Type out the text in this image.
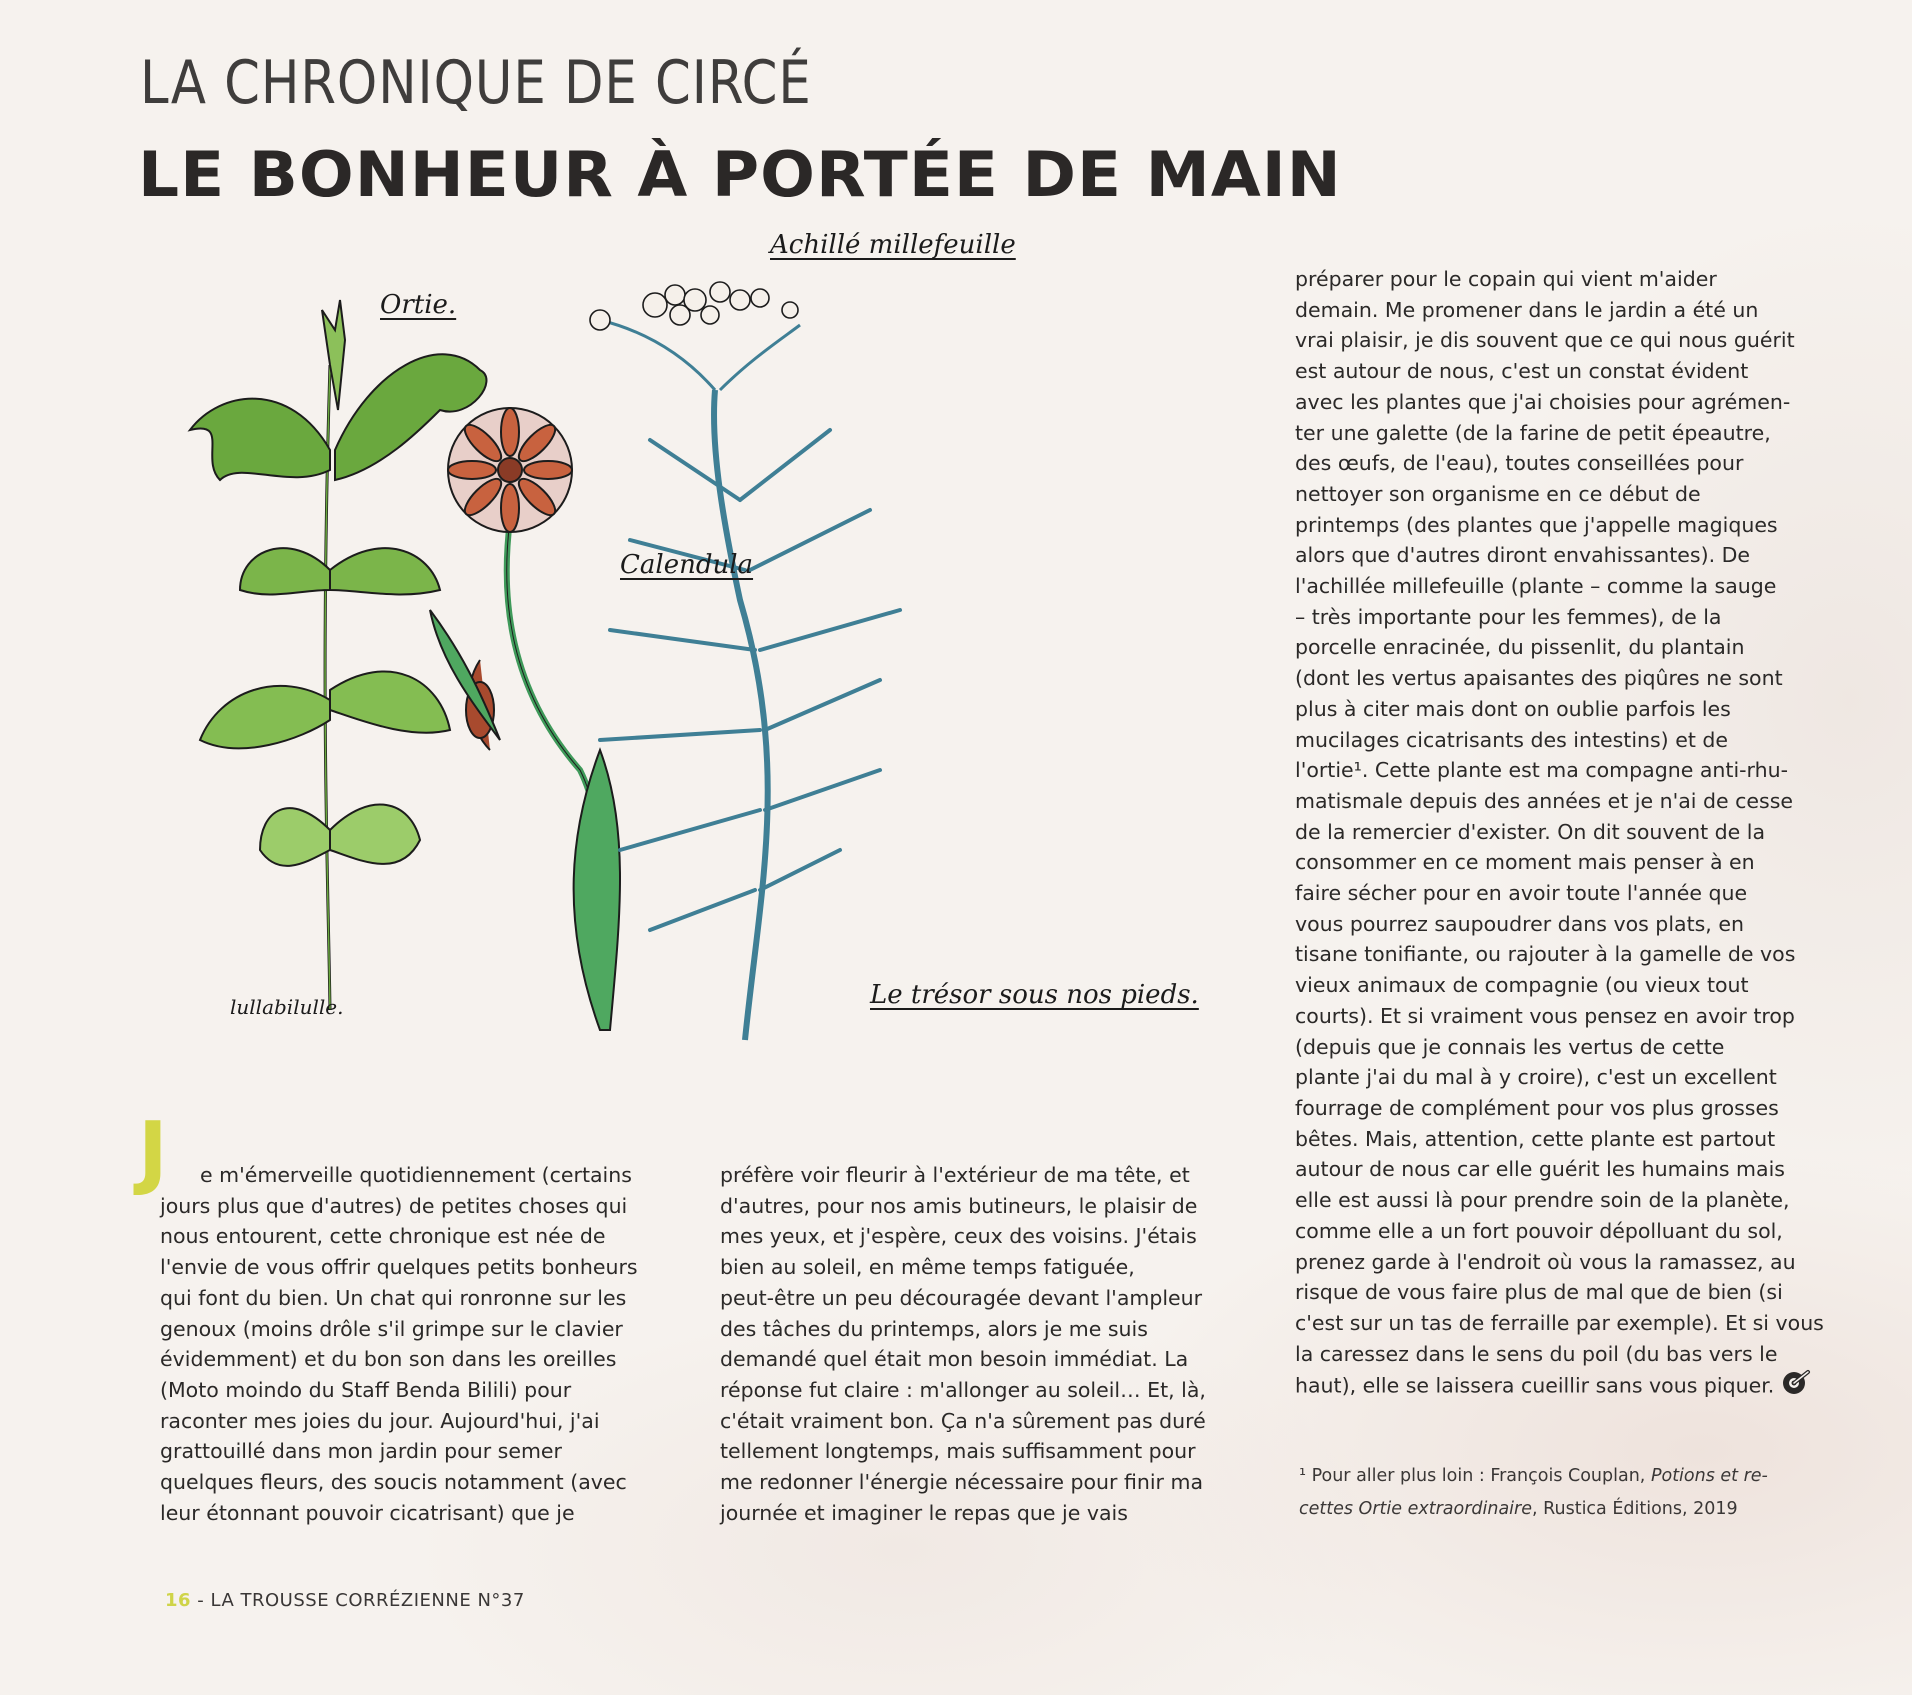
LA CHRONIQUE DE CIRCÉ
LE BONHEUR À PORTÉE DE MAIN
Ortie.
Calendula
Achillé millefeuille
Le trésor sous nos pieds.
lullabilulle.
J	e m'émerveille quotidiennement (certains

jours plus que d'autres) de petites choses qui

nous entourent, cette chronique est née de

l'envie de vous offrir quelques petits bonheurs

qui font du bien. Un chat qui ronronne sur les

genoux (moins drôle s'il grimpe sur le clavier

évidemment) et du bon son dans les oreilles

(Moto moindo du Staff Benda Bilili) pour

raconter mes joies du jour. Aujourd'hui, j'ai

grattouillé dans mon jardin pour semer

quelques fleurs, des soucis notamment (avec

leur étonnant pouvoir cicatrisant) que je

préfère voir fleurir à l'extérieur de ma tête, et

d'autres, pour nos amis butineurs, le plaisir de

mes yeux, et j'espère, ceux des voisins. J'étais

bien au soleil, en même temps fatiguée,

peut-être un peu découragée devant l'ampleur

des tâches du printemps, alors je me suis

demandé quel était mon besoin immédiat. La

réponse fut claire : m'allonger au soleil… Et, là,

c'était vraiment bon. Ça n'a sûrement pas duré

tellement longtemps, mais suffisamment pour

me redonner l'énergie nécessaire pour finir ma

journée et imaginer le repas que je vais

préparer pour le copain qui vient m'aider

demain. Me promener dans le jardin a été un

vrai plaisir, je dis souvent que ce qui nous guérit

est autour de nous, c'est un constat évident

avec les plantes que j'ai choisies pour agrémen-

ter une galette (de la farine de petit épeautre,

des œufs, de l'eau), toutes conseillées pour

nettoyer son organisme en ce début de

printemps (des plantes que j'appelle magiques

alors que d'autres diront envahissantes). De

l'achillée millefeuille (plante – comme la sauge

– très importante pour les femmes), de la

porcelle enracinée, du pissenlit, du plantain

(dont les vertus apaisantes des piqûres ne sont

plus à citer mais dont on oublie parfois les

mucilages cicatrisants des intestins) et de

l'ortie¹. Cette plante est ma compagne anti-rhu-

matismale depuis des années et je n'ai de cesse

de la remercier d'exister. On dit souvent de la

consommer en ce moment mais penser à en

faire sécher pour en avoir toute l'année que

vous pourrez saupoudrer dans vos plats, en

tisane tonifiante, ou rajouter à la gamelle de vos

vieux animaux de compagnie (ou vieux tout

courts). Et si vraiment vous pensez en avoir trop

(depuis que je connais les vertus de cette

plante j'ai du mal à y croire), c'est un excellent

fourrage de complément pour vos plus grosses

bêtes. Mais, attention, cette plante est partout

autour de nous car elle guérit les humains mais

elle est aussi là pour prendre soin de la planète,

comme elle a un fort pouvoir dépolluant du sol,

prenez garde à l'endroit où vous la ramassez, au

risque de vous faire plus de mal que de bien (si

c'est sur un tas de ferraille par exemple). Et si vous

la caressez dans le sens du poil (du bas vers le

haut), elle se laissera cueillir sans vous piquer.

¹ Pour aller plus loin : François Couplan, Potions et re-

cettes Ortie extraordinaire, Rustica Éditions, 2019

16 - LA TROUSSE CORRÉZIENNE N°37
